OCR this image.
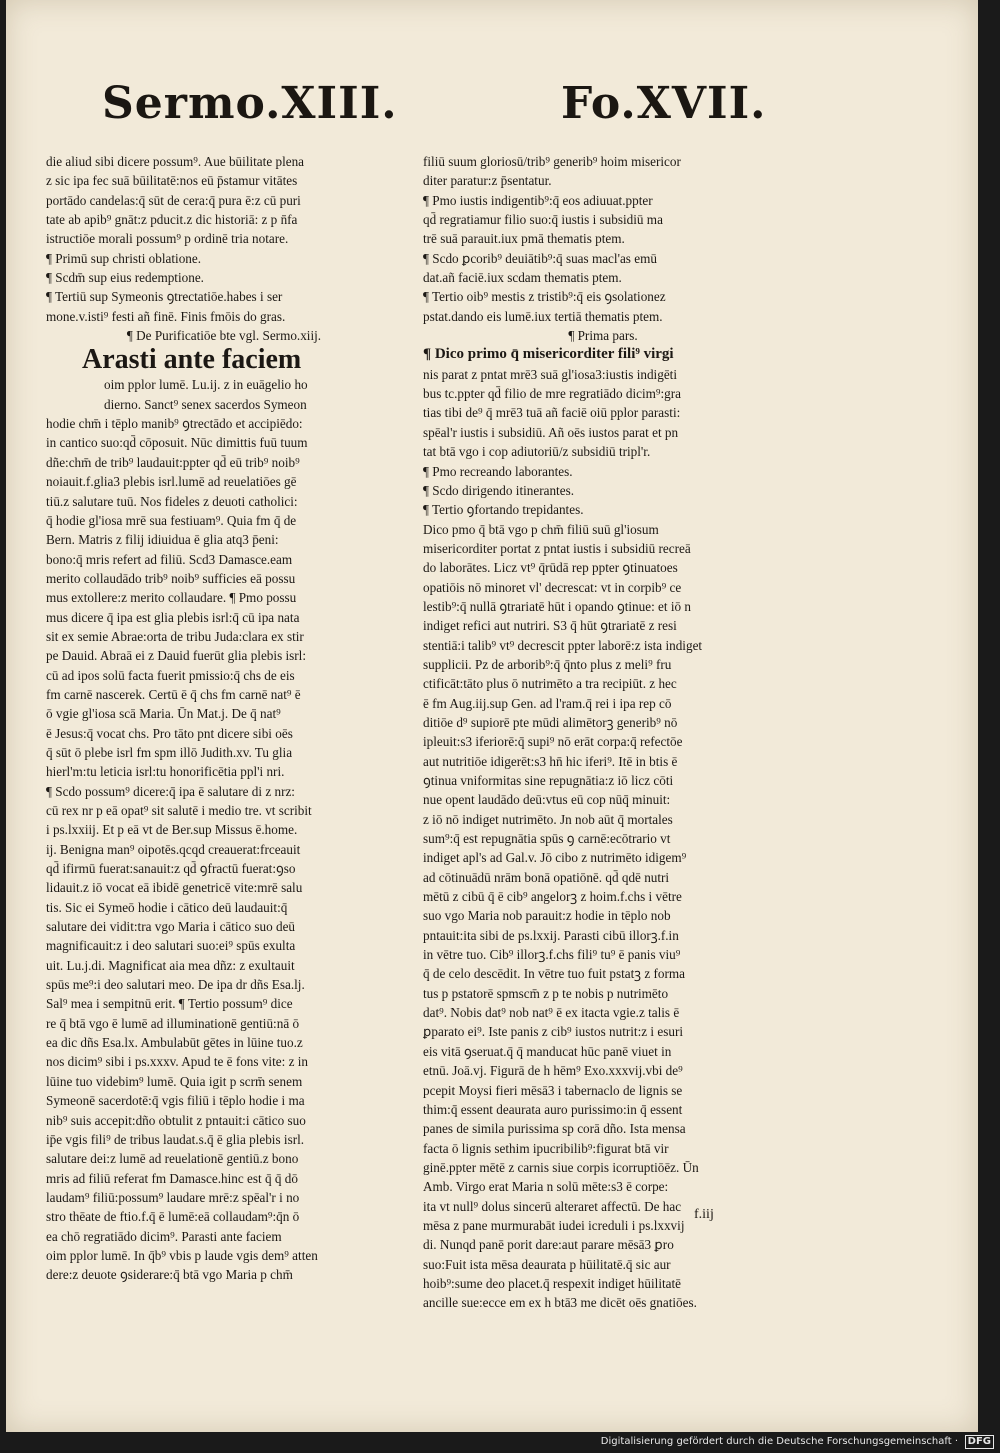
Sermo.XIII.	Fo.XVII.
die aliud sibi dicere possum⁹. Aue būilitate plena
z sic ipa fec suā būilitatē:nos eū p̄stamur vitātes
portādo candelas:q̄ sūt de cera:q̄ pura ē:z cū puri
tate ab apib⁹ gnāt:z pducit.z dic historiā: z p n̄fa
istructiōe morali possum⁹ p ordinē tria notare.
¶ Primū sup christi oblatione.
¶ Scdm̄ sup eius redemptione.
¶ Tertiū sup Symeonis ꝯtrectatiōe.habes i ser
mone.v.isti⁹ festi añ finē. Finis fmōis do gras.
¶ De Purificatiōe bte vgl. Sermo.xiij.
Arasti ante faciem
oim pplor lumē. Lu.ij. z in euāgelio ho
dierno. Sanct⁹ senex sacerdos Symeon
hodie chm̄ i tēplo manib⁹ ꝯtrectādo et accipiēdo:
in cantico suo:qd̄ cōposuit. Nūc dimittis fuū tuum
dñe:chm̄ de trib⁹ laudauit:ppter qd̄ eū trib⁹ noib⁹
noiauit.f.glia3 plebis isrl.lumē ad reuelatiōes gē
tiū.z salutare tuū. Nos fideles z deuoti catholici:
q̄ hodie gl'iosa mrē sua festiuam⁹. Quia fm q̄ de
Bern. Matris z filij idiuidua ē glia atq3 p̄eni:
bono:q̄ mris refert ad filiū. Scd3 Damasce.eam
merito collaudādo trib⁹ noib⁹ sufficies eā possu
mus extollere:z merito collaudare. ¶ Pmo possu
mus dicere q̄ ipa est glia plebis isrl:q̄ cū ipa nata
sit ex semie Abrae:orta de tribu Juda:clara ex stir
pe Dauid. Abraā ei z Dauid fuerūt glia plebis isrl:
cū ad ipos solū facta fuerit pmissio:q̄ chs de eis
fm carnē nascerek. Certū ē q̄ chs fm carnē nat⁹ ē
ō vgie gl'iosa scā Maria. Ūn Mat.j. De q̄ nat⁹
ē Jesus:q̄ vocat chs. Pro tāto pnt dicere sibi oēs
q̄ sūt ō plebe isrl fm spm illō Judith.xv. Tu glia
hierl'm:tu leticia isrl:tu honorificētia ppl'i nri.
¶ Scdo possum⁹ dicere:q̄ ipa ē salutare di z nrz:
cū rex nr p eā opat⁹ sit salutē i medio tre. vt scribit
i ps.lxxiij. Et p eā vt de Ber.sup Missus ē.home.
ij. Benigna man⁹ oipotēs.qcqd creauerat:frceauit
qd̄ ifirmū fuerat:sanauit:z qd̄ ꝯfractū fuerat:ꝯso
lidauit.z iō vocat eā ibidē genetricē vite:mrē salu
tis. Sic ei Symeō hodie i cātico deū laudauit:q̄
salutare dei vidit:tra vgo Maria i cātico suo deū
magnificauit:z i deo salutari suo:ei⁹ spūs exulta
uit. Lu.j.di. Magnificat aia mea dñz: z exultauit
spūs me⁹:i deo salutari meo. De ipa dr dñs Esa.lj.
Sal⁹ mea i sempitnū erit. ¶ Tertio possum⁹ dice
re q̄ btā vgo ē lumē ad illuminationē gentiū:nā ō
ea dic dñs Esa.lx. Ambulabūt gētes in lūine tuo.z
nos dicim⁹ sibi i ps.xxxv. Apud te ē fons vite: z in
lūine tuo videbim⁹ lumē. Quia igit p scrm̄ senem
Symeonē sacerdotē:q̄ vgis filiū i tēplo hodie i ma
nib⁹ suis accepit:dño obtulit z pntauit:i cātico suo
ip̄e vgis fili⁹ de tribus laudat.s.q̄ ē glia plebis isrl.
salutare dei:z lumē ad reuelationē gentiū.z bono
mris ad filiū referat fm Damasce.hinc est q̄ q̄ dō
laudam⁹ filiū:possum⁹ laudare mrē:z spēal'r i no
stro thēate de ftio.f.q̄ ē lumē:eā collaudam⁹:q̄n ō
ea chō regratiādo dicim⁹. Parasti ante faciem
oim pplor lumē. In q̄b⁹ vbis p laude vgis dem⁹ atten
dere:z deuote ꝯsiderare:q̄ btā vgo Maria p chm̄
filiū suum gloriosū/trib⁹ generib⁹ hoim misericor
diter paratur:z p̄sentatur.
¶ Pmo iustis indigentib⁹:q̄ eos adiuuat.ppter
qd̄ regratiamur filio suo:q̄ iustis i subsidiū ma
trē suā parauit.iux pmā thematis ptem.
¶ Scdo ꝑcorib⁹ deuiātib⁹:q̄ suas macl'as emū
dat.añ faciē.iux scdam thematis ptem.
¶ Tertio oib⁹ mestis z tristib⁹:q̄ eis ꝯsolationez
pstat.dando eis lumē.iux tertiā thematis ptem.
¶ Prima pars.
¶ Dico primo q̄ misericorditer fili⁹ virgi
nis parat z pntat mrē3 suā gl'iosa3:iustis indigēti
bus tc.ppter qd̄ filio de mre regratiādo dicim⁹:gra
tias tibi de⁹ q̄ mrē3 tuā añ faciē oiū pplor parasti:
spēal'r iustis i subsidiū. Añ oēs iustos parat et pn
tat btā vgo i cop adiutoriū/z subsidiū tripl'r.
¶ Pmo recreando laborantes.
¶ Scdo dirigendo itinerantes.
¶ Tertio ꝯfortando trepidantes.
Dico pmo q̄ btā vgo p chm̄ filiū suū gl'iosum
misericorditer portat z pntat iustis i subsidiū recreā
do laborātes. Licz vt⁹ q̄rūdā rep ppter ꝯtinuatoes
opatiōis nō minoret vl' decrescat: vt in corpib⁹ ce
lestib⁹:q̄ nullā ꝯtrariatē hūt i opando ꝯtinue: et iō n
indiget refici aut nutriri. S3 q̄ hūt ꝯtrariatē z resi
stentiā:i talib⁹ vt⁹ decrescit ppter laborē:z ista indiget
supplicii. Pz de arborib⁹:q̄ q̄nto plus z meli⁹ fru
ctificāt:tāto plus ō nutrimēto a tra recipiūt. z hec
ē fm Aug.iij.sup Gen. ad l'ram.q̄ rei i ipa rep cō
ditiōe d⁹ supiorē pte mūdi alimētorꝫ generib⁹ nō
ipleuit:s3 iferiorē:q̄ supi⁹ nō erāt corpa:q̄ refectōe
aut nutritiōe idigerēt:s3 hn̄ hic iferi⁹. Itē in btis ē
ꝯtinua vniformitas sine repugnātia:z iō licz cōti
nue opent laudādo deū:vtus eū cop nūq̄ minuit:
z iō nō indiget nutrimēto. Jn nob aūt q̄ mortales
sum⁹:q̄ est repugnātia spūs ꝯ carnē:ecōtrario vt
indiget apl's ad Gal.v. Jō cibo z nutrimēto idigem⁹
ad cōtinuādū nrām bonā opatiōnē. qd̄ qdē nutri
mētū z cibū q̄ ē cib⁹ angelorꝫ z hoim.f.chs i vētre
suo vgo Maria nob parauit:z hodie in tēplo nob
pntauit:ita sibi de ps.lxxij. Parasti cibū illorꝫ.f.in
in vētre tuo. Cib⁹ illorꝫ.f.chs fili⁹ tu⁹ ē panis viu⁹
q̄ de celo descēdit. In vētre tuo fuit pstatꝫ z forma
tus p pstatorē spmscm̄ z p te nobis p nutrimēto
dat⁹. Nobis dat⁹ nob nat⁹ ē ex itacta vgie.z talis ē
ꝑparato ei⁹. Iste panis z cib⁹ iustos nutrit:z i esuri
eis vitā ꝯseruat.q̄ q̄ manducat hūc panē viuet in
etnū. Joā.vj. Figurā de h hēm⁹ Exo.xxxvij.vbi de⁹
pcepit Moysi fieri mēsā3 i tabernaclo de lignis se
thim:q̄ essent deaurata auro purissimo:in q̄ essent
panes de simila purissima sp corā dño. Ista mensa
facta ō lignis sethim ipucribilib⁹:figurat btā vir
ginē.ppter mētē z carnis siue corpis icorruptiōēz. Ūn
Amb. Virgo erat Maria n solū mēte:s3 ē corpe:
ita vt null⁹ dolus sincerū alteraret affectū. De hac
mēsa z pane murmurabāt iudei icreduli i ps.lxxvij
di. Nunqd panē porit dare:aut parare mēsā3 ꝑro
suo:Fuit ista mēsa deaurata p hūilitatē.q̄ sic aur
hoib⁹:sume deo placet.q̄ respexit indiget hūilitatē
ancille sue:ecce em ex h btā3 me dicēt oēs gnatiōes.
f.iij
Digitalisierung gefördert durch die Deutsche Forschungsgemeinschaft · DFG
